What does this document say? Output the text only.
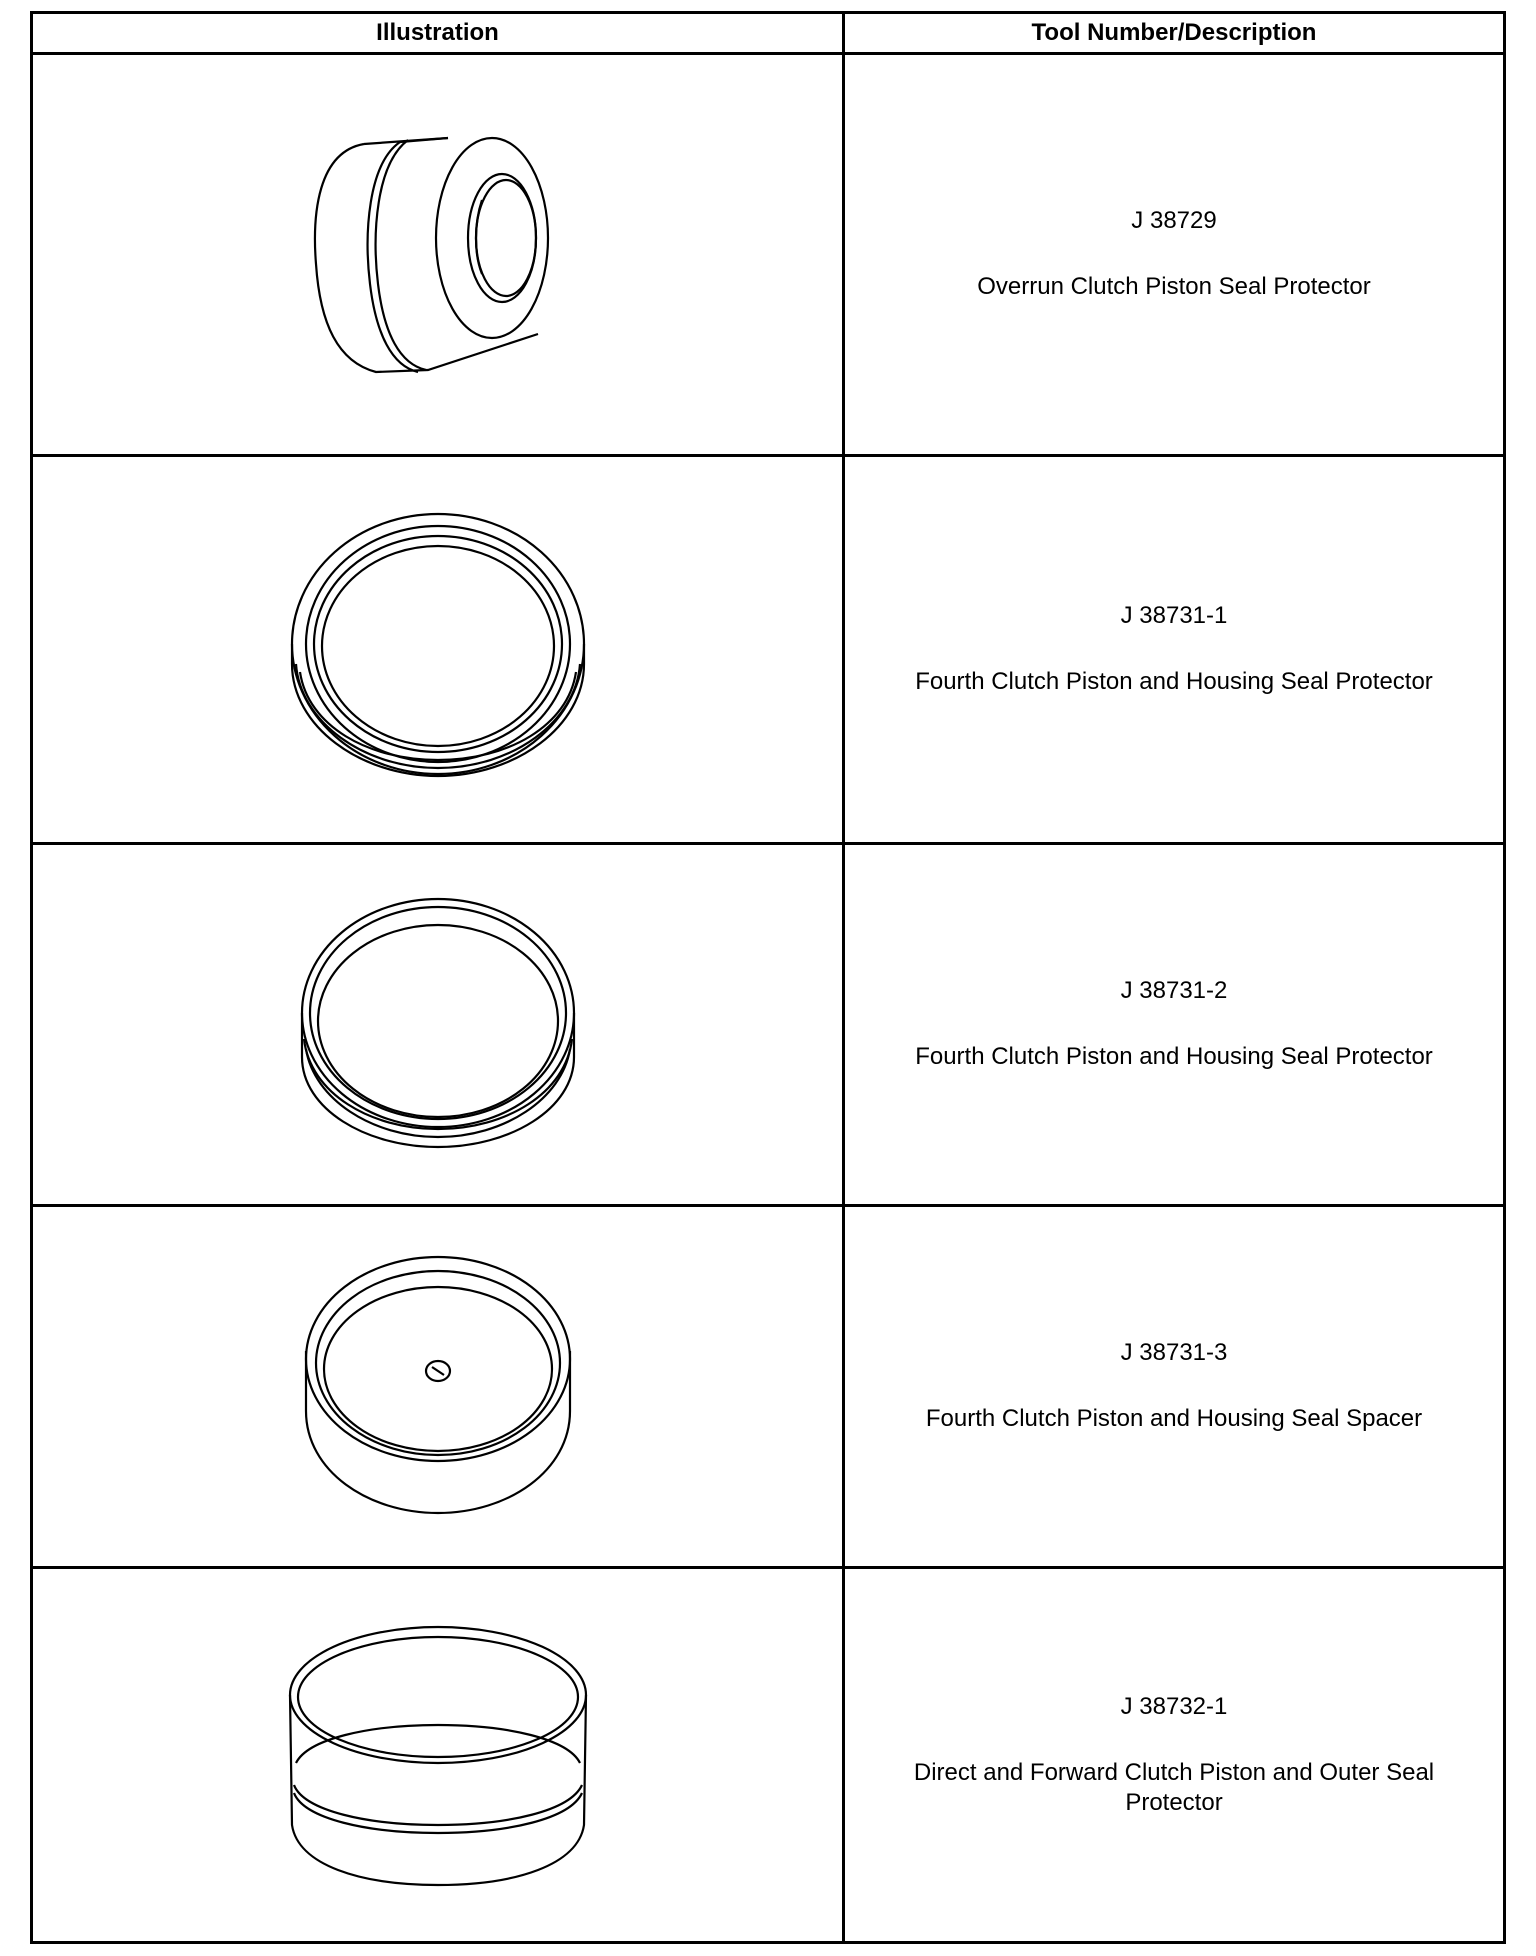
Illustration	Tool Number/Description

J 38729
Overrun Clutch Piston Seal Protector

J 38731-1
Fourth Clutch Piston and Housing Seal Protector

J 38731-2
Fourth Clutch Piston and Housing Seal Protector

J 38731-3
Fourth Clutch Piston and Housing Seal Spacer

J 38732-1
Direct and Forward Clutch Piston and Outer Seal Protector
